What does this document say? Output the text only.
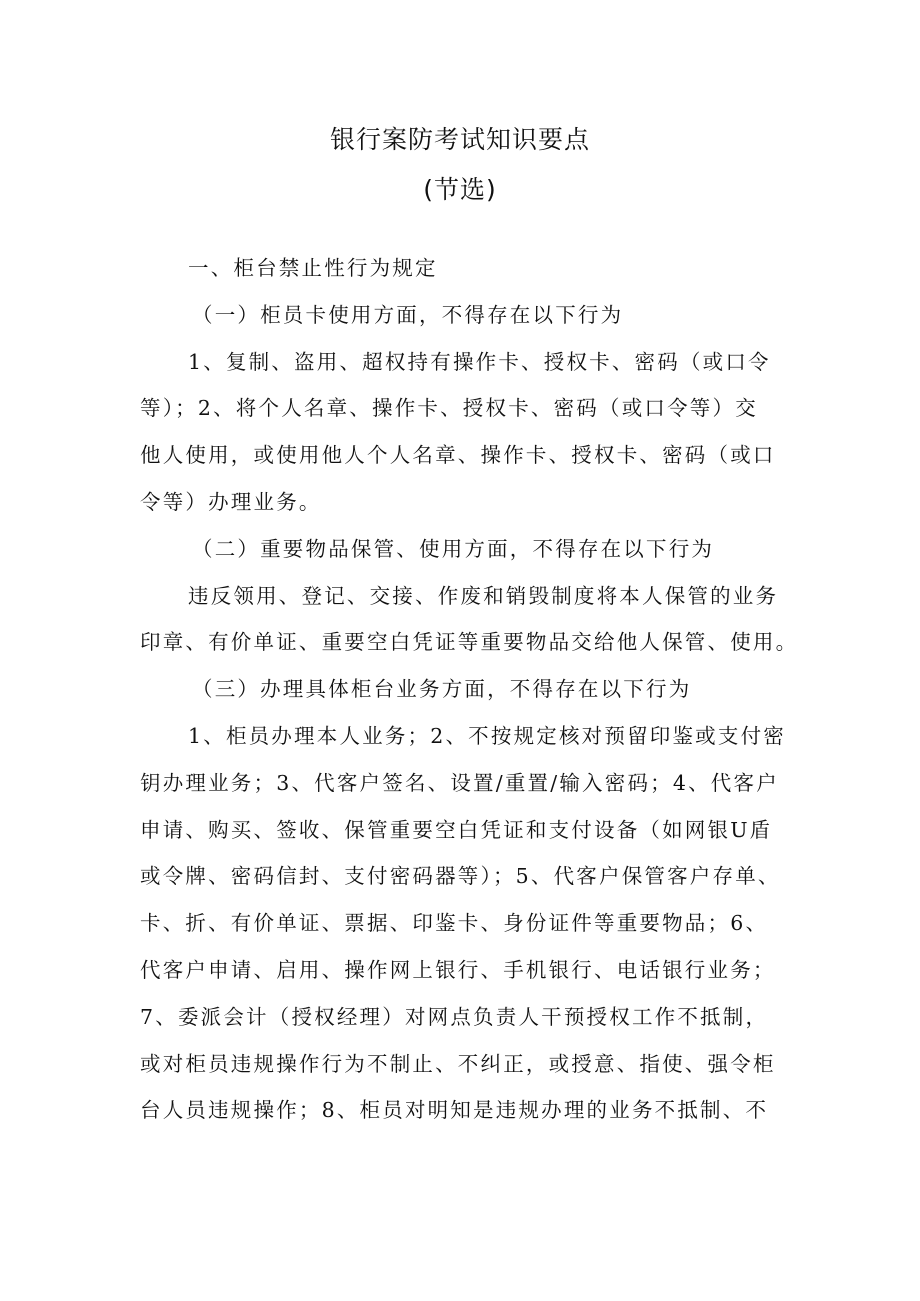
银行案防考试知识要点
(节选)
一、柜台禁止性行为规定
（一）柜员卡使用方面，不得存在以下行为
1、复制、盗用、超权持有操作卡、授权卡、密码（或口令
等）；2、将个人名章、操作卡、授权卡、密码（或口令等）交
他人使用，或使用他人个人名章、操作卡、授权卡、密码（或口
令等）办理业务。
（二）重要物品保管、使用方面，不得存在以下行为
违反领用、登记、交接、作废和销毁制度将本人保管的业务
印章、有价单证、重要空白凭证等重要物品交给他人保管、使用。
（三）办理具体柜台业务方面，不得存在以下行为
1、柜员办理本人业务；2、不按规定核对预留印鉴或支付密
钥办理业务；3、代客户签名、设置/重置/输入密码；4、代客户
申请、购买、签收、保管重要空白凭证和支付设备（如网银U盾
或令牌、密码信封、支付密码器等）；5、代客户保管客户存单、
卡、折、有价单证、票据、印鉴卡、身份证件等重要物品；6、
代客户申请、启用、操作网上银行、手机银行、电话银行业务；
7、委派会计（授权经理）对网点负责人干预授权工作不抵制，
或对柜员违规操作行为不制止、不纠正，或授意、指使、强令柜
台人员违规操作；8、柜员对明知是违规办理的业务不抵制、不
